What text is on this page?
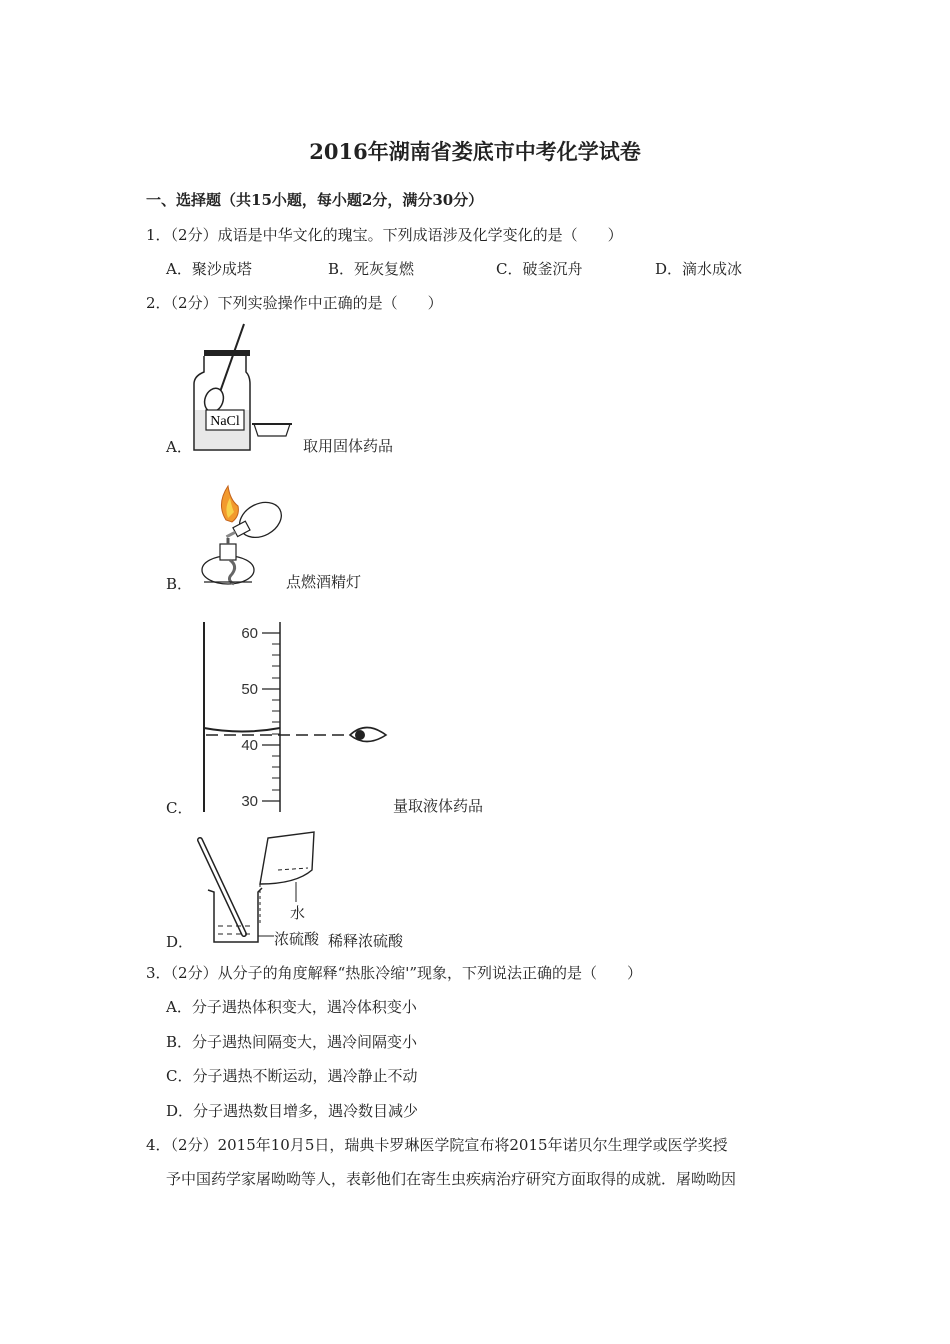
2016年湖南省娄底市中考化学试卷
一、选择题（共15小题，每小题2分，满分30分）
1．（2分）成语是中华文化的瑰宝。下列成语涉及化学变化的是（　　）
A．聚沙成塔	B．死灰复燃	C．破釜沉舟	D．滴水成冰
2．（2分）下列实验操作中正确的是（　　）
NaCl
A．	取用固体药品
B．	点燃酒精灯
60
50
40
30
C．	量取液体药品
水
浓硫酸
D．	稀释浓硫酸
3．（2分）从分子的角度解释“热胀冷缩'”现象，下列说法正确的是（　　）
A．分子遇热体积变大，遇冷体积变小
B．分子遇热间隔变大，遇冷间隔变小
C．分子遇热不断运动，遇冷静止不动
D．分子遇热数目增多，遇冷数目减少
4．（2分）2015年10月5日，瑞典卡罗琳医学院宣布将2015年诺贝尔生理学或医学奖授
予中国药学家屠呦呦等人，表彰他们在寄生虫疾病治疗研究方面取得的成就．屠呦呦因
